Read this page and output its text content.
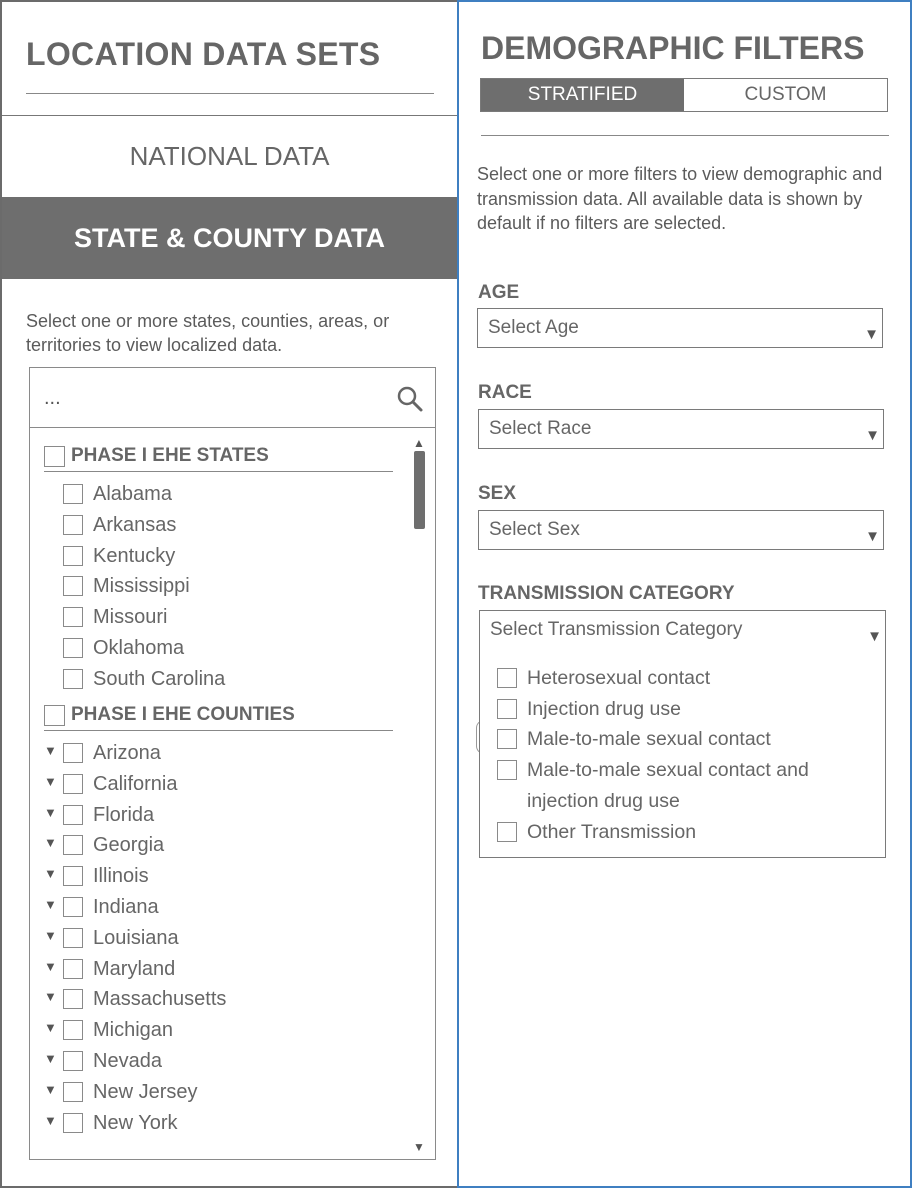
LOCATION DATA SETS
NATIONAL DATA
STATE & COUNTY DATA
Select one or more states, counties, areas, or territories to view localized data.
...
PHASE I EHE STATES
Alabama
Arkansas
Kentucky
Mississippi
Missouri
Oklahoma
South Carolina
PHASE I EHE COUNTIES
▼ Arizona
▼ California
▼ Florida
▼ Georgia
▼ Illinois
▼ Indiana
▼ Louisiana
▼ Maryland
▼ Massachusetts
▼ Michigan
▼ Nevada
▼ New Jersey
▼ New York
▲
▼
DEMOGRAPHIC FILTERS
STRATIFIED	CUSTOM
Select one or more filters to view demographic and transmission data. All available data is shown by default if no filters are selected.
AGE
Select Age	▼
RACE
Select Race	▼
SEX
Select Sex	▼
TRANSMISSION CATEGORY
Select Transmission Category	▼
Heterosexual contact
Injection drug use
Male-to-male sexual contact
Male-to-male sexual contact and injection drug use
Other Transmission
